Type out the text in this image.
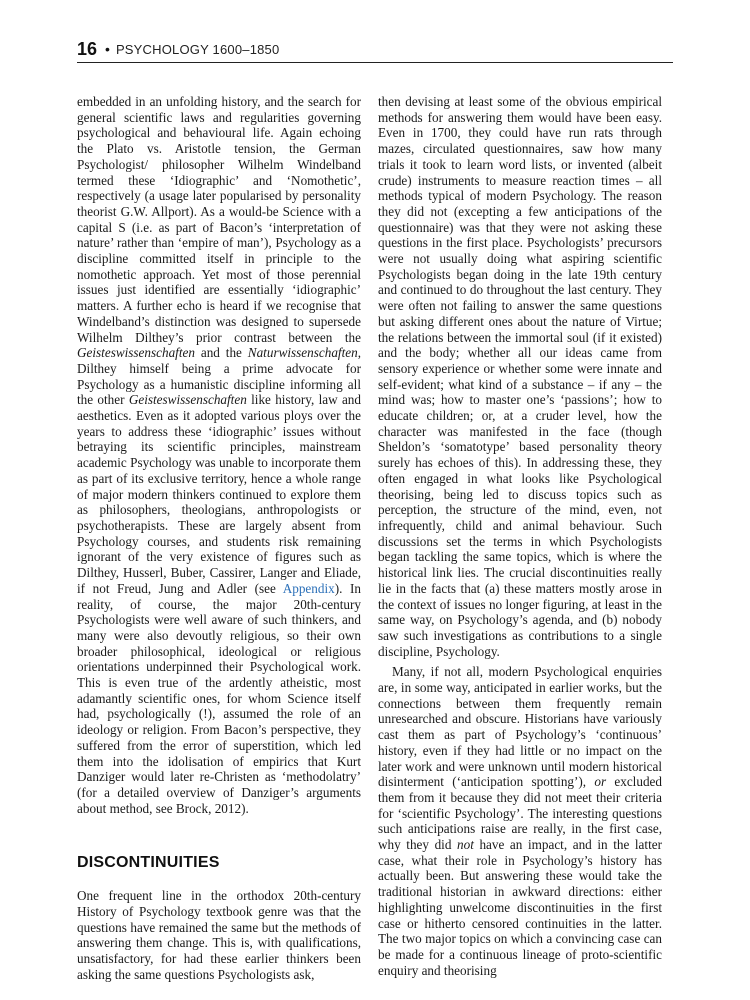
16 • PSYCHOLOGY 1600–1850

embedded in an unfolding history, and the search for general scientific laws and regularities governing psychological and behavioural life. Again echoing the Plato vs. Aristotle tension, the German Psychologist/ philosopher Wilhelm Windelband termed these ‘Idiographic’ and ‘Nomothetic’, respectively (a usage later popularised by personality theorist G.W. Allport). As a would-be Science with a capital S (i.e. as part of Bacon’s ‘interpretation of nature’ rather than ‘empire of man’), Psychology as a discipline committed itself in principle to the nomothetic approach. Yet most of those perennial issues just identified are essentially ‘idiographic’ matters. A further echo is heard if we recognise that Windelband’s distinction was designed to supersede Wilhelm Dilthey’s prior contrast between the Geisteswissenschaften and the Naturwissenschaften, Dilthey himself being a prime advocate for Psychology as a humanistic discipline informing all the other Geisteswissenschaften like history, law and aesthetics. Even as it adopted various ploys over the years to address these ‘idiographic’ issues without betraying its scientific principles, mainstream academic Psychology was unable to incorporate them as part of its exclusive territory, hence a whole range of major modern thinkers continued to explore them as philosophers, theologians, anthropologists or psychotherapists. These are largely absent from Psychology courses, and students risk remaining ignorant of the very existence of figures such as Dilthey, Husserl, Buber, Cassirer, Langer and Eliade, if not Freud, Jung and Adler (see Appendix). In reality, of course, the major 20th-century Psychologists were well aware of such thinkers, and many were also devoutly religious, so their own broader philosophical, ideological or religious orientations underpinned their Psychological work. This is even true of the ardently atheistic, most adamantly scientific ones, for whom Science itself had, psychologically (!), assumed the role of an ideology or religion. From Bacon’s perspective, they suffered from the error of superstition, which led them into the idolisation of empirics that Kurt Danziger would later re-Christen as ‘methodolatry’ (for a detailed overview of Danziger’s arguments about method, see Brock, 2012).

DISCONTINUITIES

One frequent line in the orthodox 20th-century History of Psychology textbook genre was that the questions have remained the same but the methods of answering them change. This is, with qualifications, unsatisfactory, for had these earlier thinkers been asking the same questions Psychologists ask,

then devising at least some of the obvious empirical methods for answering them would have been easy. Even in 1700, they could have run rats through mazes, circulated questionnaires, saw how many trials it took to learn word lists, or invented (albeit crude) instruments to measure reaction times – all methods typical of modern Psychology. The reason they did not (excepting a few anticipations of the questionnaire) was that they were not asking these questions in the first place. Psychologists’ precursors were not usually doing what aspiring scientific Psychologists began doing in the late 19th century and continued to do throughout the last century. They were often not failing to answer the same questions but asking different ones about the nature of Virtue; the relations between the immortal soul (if it existed) and the body; whether all our ideas came from sensory experience or whether some were innate and self-evident; what kind of a substance – if any – the mind was; how to master one’s ‘passions’; how to educate children; or, at a cruder level, how the character was manifested in the face (though Sheldon’s ‘somatotype’ based personality theory surely has echoes of this). In addressing these, they often engaged in what looks like Psychological theorising, being led to discuss topics such as perception, the structure of the mind, even, not infrequently, child and animal behaviour. Such discussions set the terms in which Psychologists began tackling the same topics, which is where the historical link lies. The crucial discontinuities really lie in the facts that (a) these matters mostly arose in the context of issues no longer figuring, at least in the same way, on Psychology’s agenda, and (b) nobody saw such investigations as contributions to a single discipline, Psychology.

Many, if not all, modern Psychological enquiries are, in some way, anticipated in earlier works, but the connections between them frequently remain unresearched and obscure. Historians have variously cast them as part of Psychology’s ‘continuous’ history, even if they had little or no impact on the later work and were unknown until modern historical disinterment (‘anticipation spotting’), or excluded them from it because they did not meet their criteria for ‘scientific Psychology’. The interesting questions such anticipations raise are really, in the first case, why they did not have an impact, and in the latter case, what their role in Psychology’s history has actually been. But answering these would take the traditional historian in awkward directions: either highlighting unwelcome discontinuities in the first case or hitherto censored continuities in the latter. The two major topics on which a convincing case can be made for a continuous lineage of proto-scientific enquiry and theorising
